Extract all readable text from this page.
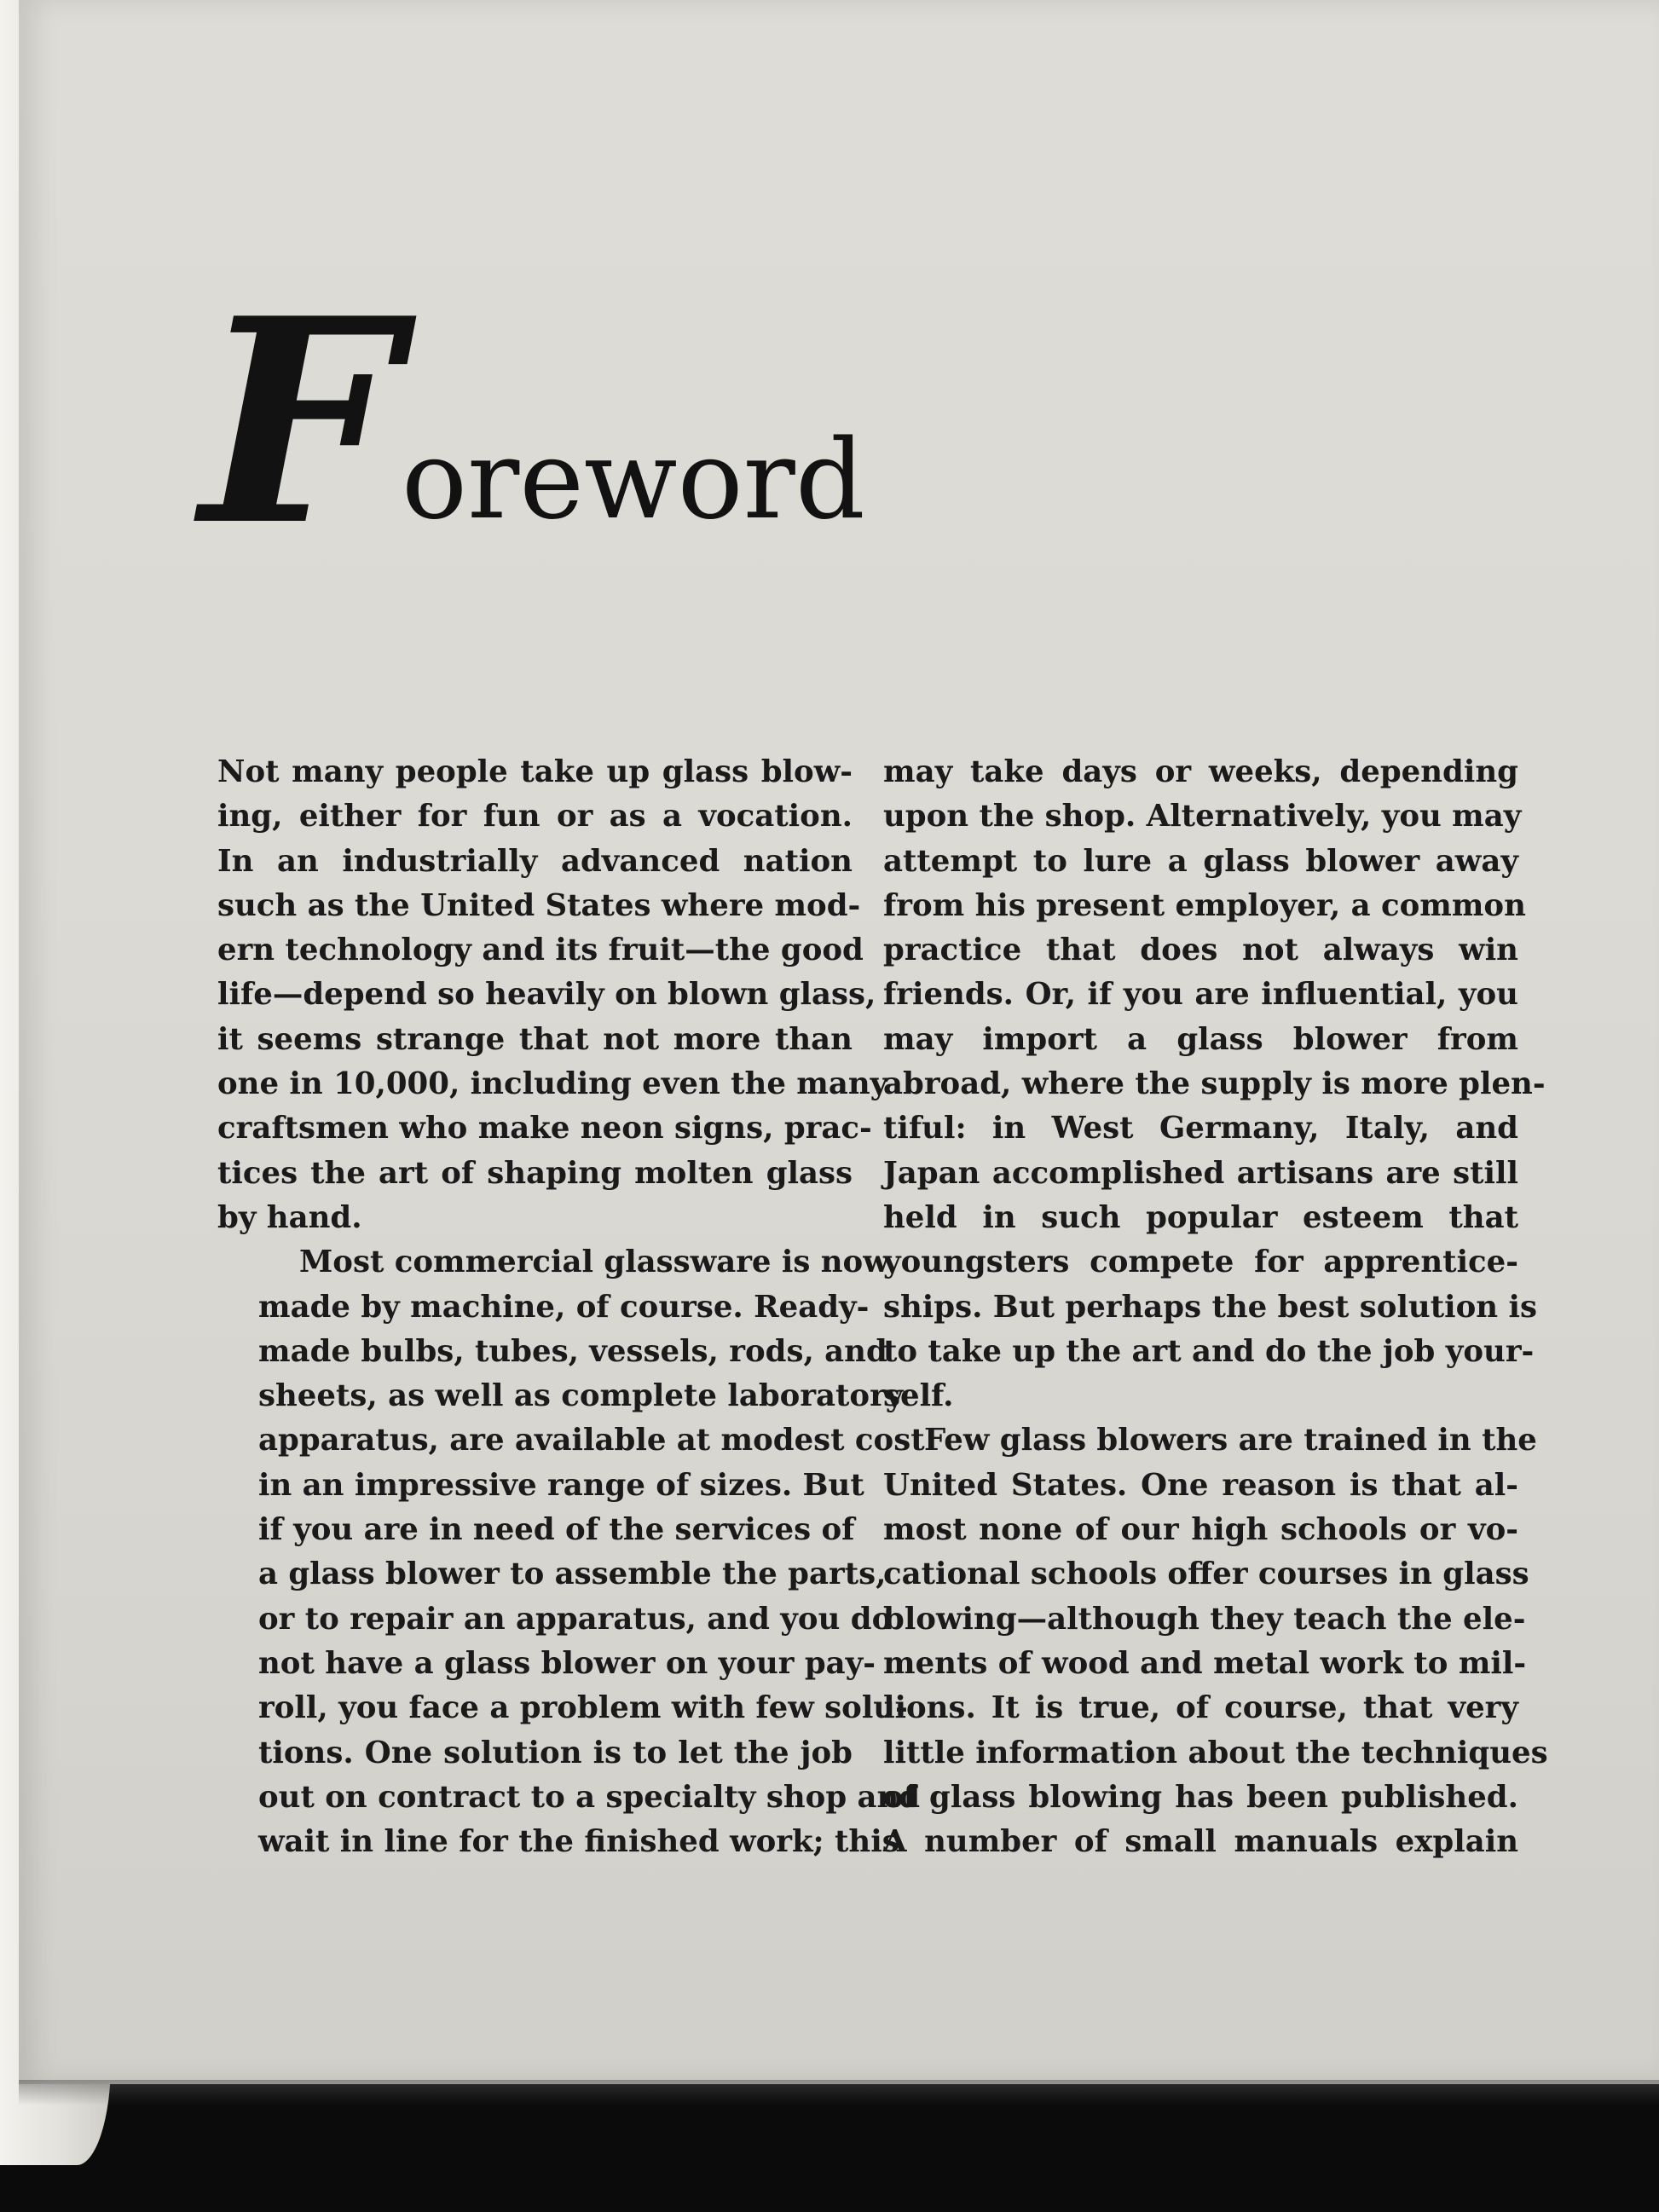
F oreword

Not many people take up glass blow-
ing, either for fun or as a vocation.
In an industrially advanced nation
such as the United States where mod-
ern technology and its fruit—the good
life—depend so heavily on blown glass,
it seems strange that not more than
one in 10,000, including even the many
craftsmen who make neon signs, prac-
tices the art of shaping molten glass
by hand.

Most commercial glassware is now
made by machine, of course. Ready-
made bulbs, tubes, vessels, rods, and
sheets, as well as complete laboratory
apparatus, are available at modest cost
in an impressive range of sizes. But
if you are in need of the services of
a glass blower to assemble the parts,
or to repair an apparatus, and you do
not have a glass blower on your pay-
roll, you face a problem with few solu-
tions. One solution is to let the job
out on contract to a specialty shop and
wait in line for the finished work; this

may take days or weeks, depending
upon the shop. Alternatively, you may
attempt to lure a glass blower away
from his present employer, a common
practice that does not always win
friends. Or, if you are influential, you
may import a glass blower from
abroad, where the supply is more plen-
tiful: in West Germany, Italy, and
Japan accomplished artisans are still
held in such popular esteem that
youngsters compete for apprentice-
ships. But perhaps the best solution is
to take up the art and do the job your-
self.

Few glass blowers are trained in the
United States. One reason is that al-
most none of our high schools or vo-
cational schools offer courses in glass
blowing—although they teach the ele-
ments of wood and metal work to mil-
lions. It is true, of course, that very
little information about the techniques
of glass blowing has been published.
A number of small manuals explain
